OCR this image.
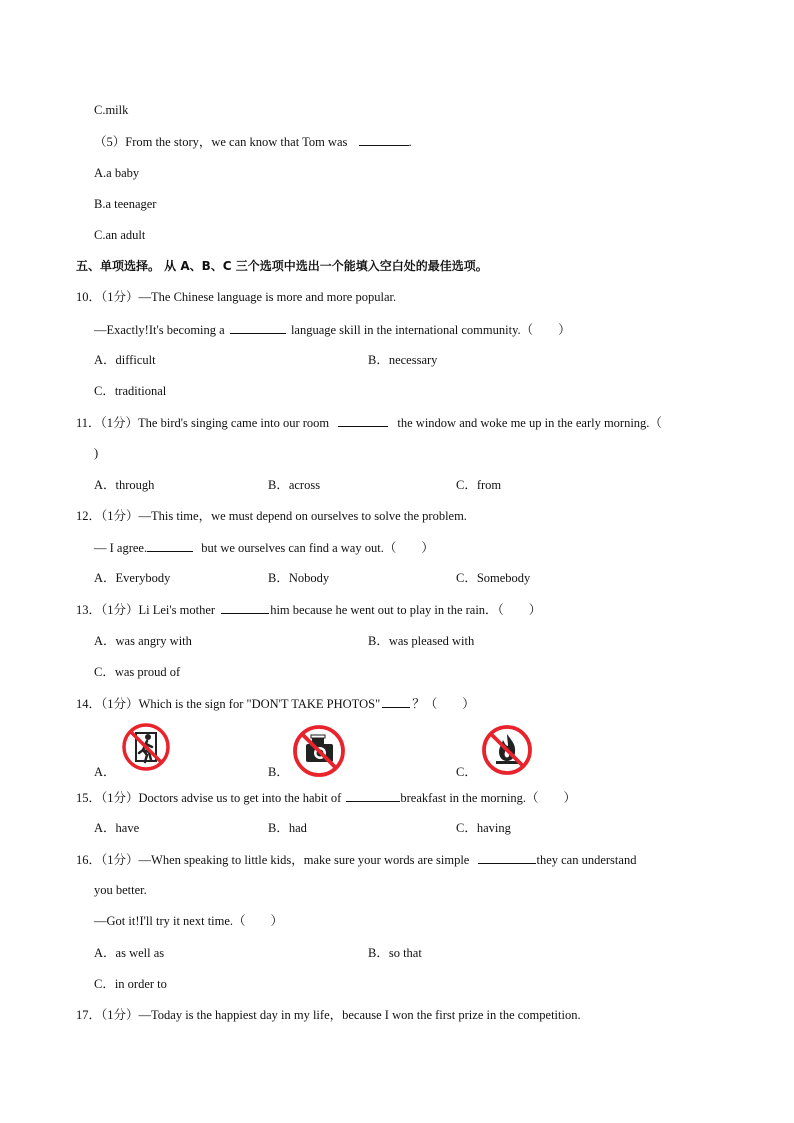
C.milk
（5）From the story，we can know that Tom was	.
A.a baby
B.a teenager
C.an adult
五、单项选择。 从 A、B、C 三个选项中选出一个能填入空白处的最佳选项。
10．（1分）—The Chinese language is more and more popular.
—Exactly!It's becoming a	language skill in the international community.（　　）
A．difficult	B．necessary
C．traditional
11．（1分）The bird's singing came into our room	the window and woke me up in the early morning.（
)
A．through	B．across	C．from
12．（1分）—This time，we must depend on ourselves to solve the problem.
— I agree.	but we ourselves can find a way out.（　　）
A．Everybody	B．Nobody	C．Somebody
13．（1分）Li Lei's mother	him because he went out to play in the rain．（　　）
A．was angry with	B．was pleased with
C．was proud of
14．（1分）Which is the sign for "DON'T TAKE PHOTOS"	？（　　）
A．	B．	C．
15．（1分）Doctors advise us to get into the habit of	breakfast in the morning.（　　）
A．have	B．had	C．having
16．（1分）—When speaking to little kids，make sure your words are simple	they can understand
you better.
—Got it!I'll try it next time.（　　）
A．as well as	B．so that
C．in order to
17．（1分）—Today is the happiest day in my life，because I won the first prize in the competition.
